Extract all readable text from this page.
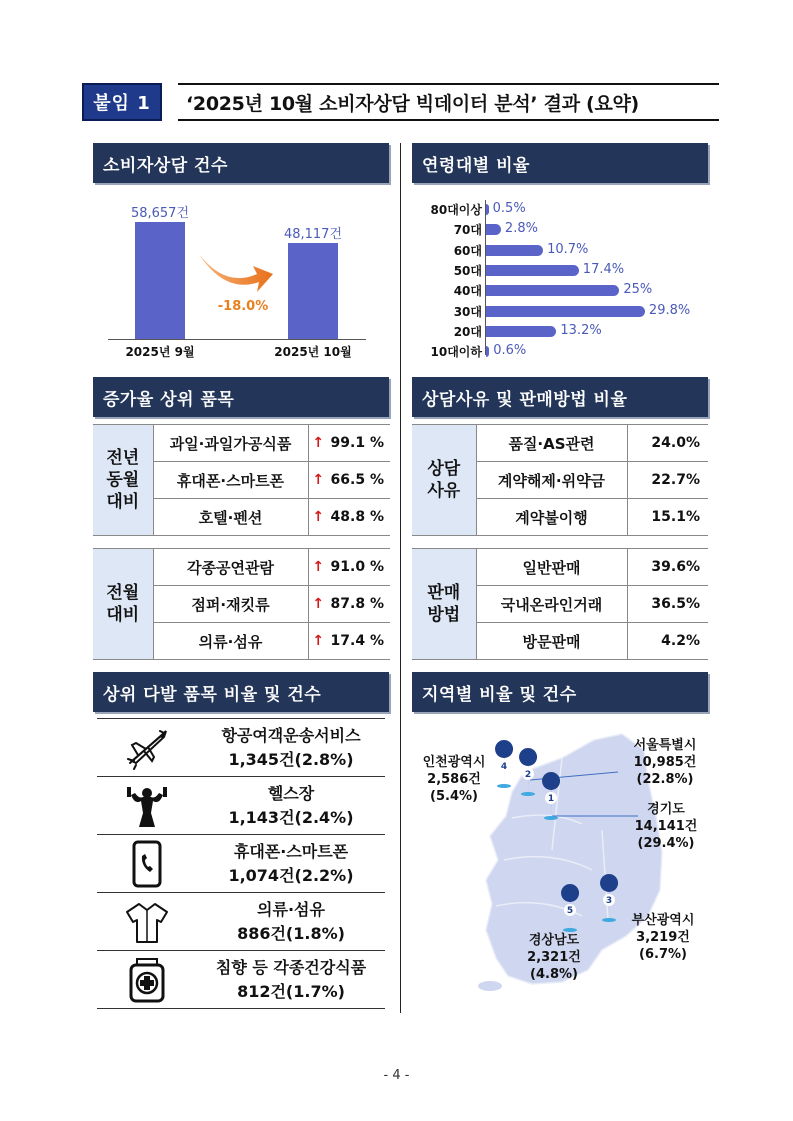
붙임 1	‘2025년 10월 소비자상담 빅데이터 분석’ 결과 (요약)
소비자상담 건수	연령대별 비율
증가율 상위 품목	상담사유 및 판매방법 비율
상위 다발 품목 비율 및 건수	지역별 비율 및 건수
58,657건
2025년 9월
48,117건
2025년 10월
-18.0%
80대이상 0.5%
70대 2.8%
60대	10.7%
50대	17.4%
40대	25%
30대	29.8%
20대	13.2%
10대이하 0.6%
전년
동월
대비	과일·과일가공식품	↑	99.1 %
	휴대폰·스마트폰	↑	66.5 %
	호텔·펜션	↑	48.8 %
전월
대비	각종공연관람	↑	91.0 %
	점퍼·재킷류	↑	87.8 %
	의류·섬유	↑	17.4 %
상담
사유	품질·AS관련	24.0%
	계약해제·위약금	22.7%
	계약불이행	15.1%
판매
방법	일반판매	39.6%
	국내온라인거래	36.5%
	방문판매	4.2%
항공여객운송서비스
1,345건(2.8%)
헬스장
1,143건(2.4%)
휴대폰·스마트폰
1,074건(2.2%)
의류·섬유
886건(1.8%)
침향 등 각종건강식품
812건(1.7%)
4
2
1
3
5
인천광역시
2,586건
(5.4%)
서울특별시
10,985건
(22.8%)
경기도
14,141건
(29.4%)
부산광역시
3,219건
(6.7%)
경상남도
2,321건
(4.8%)
- 4 -
